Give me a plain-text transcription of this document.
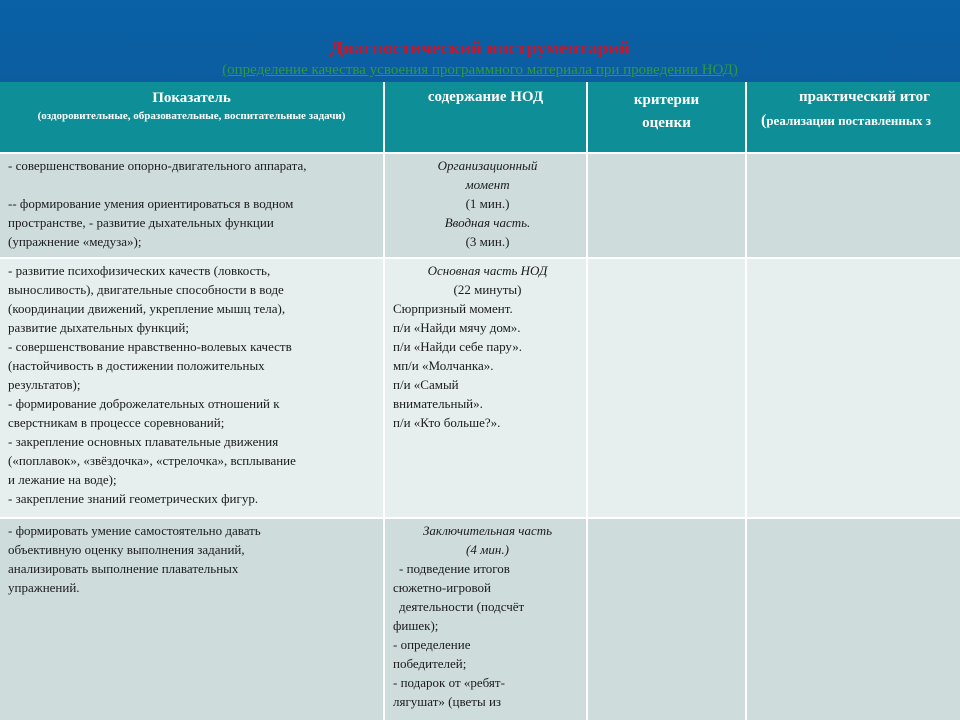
Диагностический инструментарий
(определение качества усвоения программного материала при проведении НОД)
Показатель
(оздоровительные, образовательные, воспитательные задачи)
содержание НОД	критерии
оценки
практический итог
(реализации поставленных з
- совершенствование опорно-двигательного аппарата,
-- формирование умения ориентироваться в водном
пространстве, - развитие дыхательных функции
(упражнение «медуза»);
Организационный
момент
(1 мин.)
Вводная часть.
(3 мин.)
- развитие психофизических качеств (ловкость,
выносливость), двигательные способности в воде
(координации движений, укрепление мышц тела),
развитие дыхательных функций;
- совершенствование нравственно-волевых качеств
(настойчивость в достижении положительных
результатов);
- формирование доброжелательных отношений к
сверстникам в процессе соревнований;
- закрепление основных плавательные движения
(«поплавок», «звёздочка», «стрелочка», всплывание
и лежание на воде);
- закрепление знаний геометрических фигур.
Основная часть НОД
(22 минуты)
Сюрпризный момент.
п/и «Найди мячу дом».
п/и «Найди себе пару».
мп/и «Молчанка».
п/и «Самый
внимательный».
п/и «Кто больше?».
- формировать умение самостоятельно давать
объективную оценку выполнения заданий,
анализировать выполнение плавательных
упражнений.
Заключительная часть
(4 мин.)
- подведение итогов
сюжетно-игровой
деятельности (подсчёт
фишек);
- определение
победителей;
- подарок от «ребят-
лягушат» (цветы из
